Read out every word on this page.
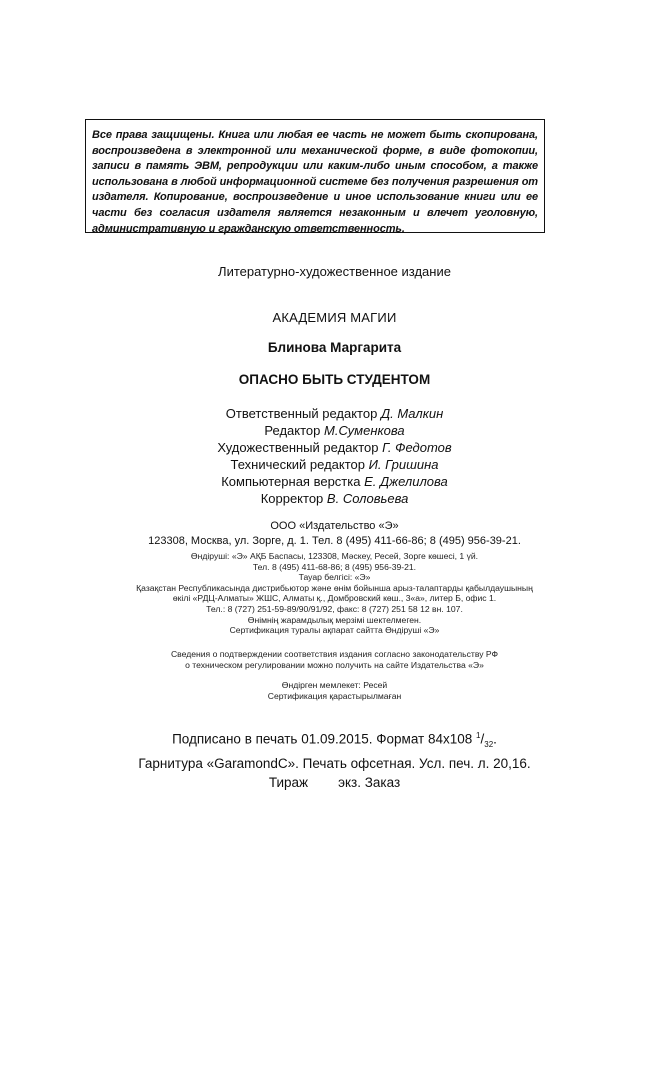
Все права защищены. Книга или любая ее часть не может быть скопирована, воспроизведена в электронной или механической форме, в виде фотокопии, записи в память ЭВМ, репродукции или каким-либо иным способом, а также использована в любой информационной системе без получения разрешения от издателя. Копирование, воспроизведение и иное использование книги или ее части без согласия издателя является незаконным и влечет уголовную, административную и гражданскую ответственность.

Литературно-художественное издание

АКАДЕМИЯ МАГИИ

Блинова Маргарита

ОПАСНО БЫТЬ СТУДЕНТОМ

Ответственный редактор Д. Малкин
Редактор М.Суменкова
Художественный редактор Г. Федотов
Технический редактор И. Гришина
Компьютерная верстка Е. Джелилова
Корректор В. Соловьева

ООО «Издательство «Э»

123308, Москва, ул. Зорге, д. 1. Тел. 8 (495) 411-66-86; 8 (495) 956-39-21.

Өндіруші: «Э» АҚБ Баспасы, 123308, Мәскеу, Ресей, Зорге көшесі, 1 үй.
Тел. 8 (495) 411-68-86; 8 (495) 956-39-21.
Тауар белгісі: «Э»
Қазақстан Республикасында дистрибьютор және өнім бойынша арыз-талаптарды қабылдаушының
өкілі «РДЦ-Алматы» ЖШС, Алматы қ., Домбровский көш., 3«а», литер Б, офис 1.
Тел.: 8 (727) 251-59-89/90/91/92, факс: 8 (727) 251 58 12 вн. 107.
Өнімнің жарамдылық мерзімі шектелмеген.
Сертификация туралы ақпарат сайтта Өндіруші «Э»
Сведения о подтверждении соответствия издания согласно законодательству РФ
о техническом регулировании можно получить на сайте Издательства «Э»
Өндірген мемлекет: Ресей
Сертификация қарастырылмаған
Подписано в печать 01.09.2015. Формат 84x108 $^1/_{32}$.
Гарнитура «GaramondC». Печать офсетная. Усл. печ. л. 20,16.
Тираж экз. Заказ
